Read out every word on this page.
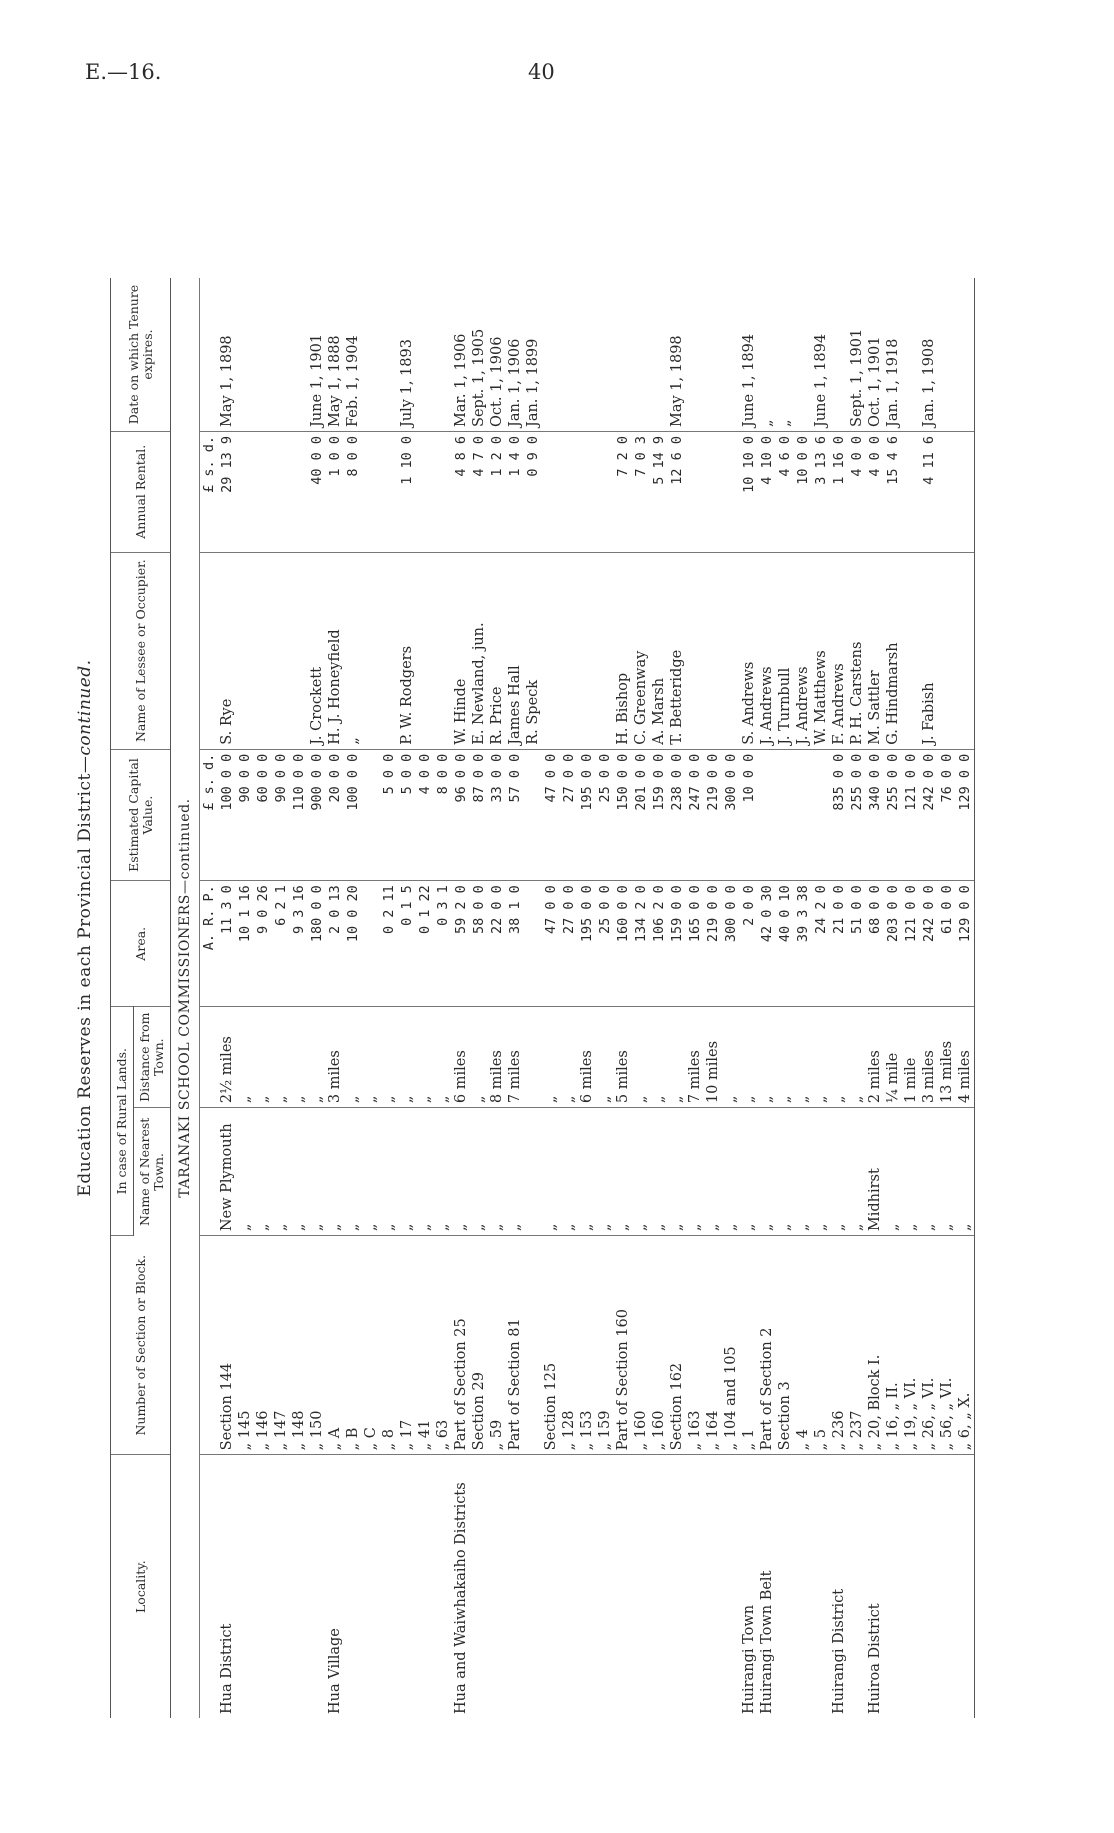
E.—16.	40
Education Reserves in each Provincial District—continued.
Locality.	Number of Section or Block.	In case of Rural Lands.		Area.	Estimated Capital Value.	Name of Lessee or Occupier.	Annual Rental.	Date on which Tenure expires.
		Name of Nearest Town.	Distance from Town.					
TARANAKI SCHOOL COMMISSIONERS—continued.								
				A. R. P.	£ s. d.		£ s. d.	
Hua District	Section 144	New Plymouth	2½ miles	11 3 0	100 0 0	S. Rye	29 13 9	May 1, 1898
	„ 145	„	„	10 1 16	90 0 0			
	„ 146	„	„	9 0 26	60 0 0			
	„ 147	„	„	6 2 1	90 0 0			
	„ 148	„	„	9 3 16	110 0 0			
	„ 150	„	„	180 0 0	900 0 0	J. Crockett	40 0 0	June 1, 1901
Hua Village	„ A	„	3 miles	2 0 13	20 0 0	H. J. Honeyfield	1 0 0	May 1, 1888
	„ B	„	„	10 0 20	100 0 0	„	8 0 0	Feb. 1, 1904
	„ C	„	„					
	„ 8	„	„	0 2 11	5 0 0			
	„ 17	„	„	0 1 5	5 0 0	P. W. Rodgers	1 10 0	July 1, 1893
	„ 41	„	„	0 1 22	4 0 0			
	„ 63	„	„	0 3 1	8 0 0			
Hua and Waiwhakaiho Districts	Part of Section 25	„	6 miles	59 2 0	96 0 0	W. Hinde	4 8 6	Mar. 1, 1906
	Section 29	„	„	58 0 0	87 0 0	E. Newland, jun.	4 7 0	Sept. 1, 1905
	„ 59	„	8 miles	22 0 0	33 0 0	R. Price	1 2 0	Oct. 1, 1906
	Part of Section 81	„	7 miles	38 1 0	57 0 0	James Hall	1 4 0	Jan. 1, 1906
						R. Speck	0 9 0	Jan. 1, 1899
	Section 125	„	„	47 0 0	47 0 0			
	„ 128	„	„	27 0 0	27 0 0			
	„ 153	„	6 miles	195 0 0	195 0 0			
	„ 159	„	„	25 0 0	25 0 0			
	Part of Section 160	„	5 miles	160 0 0	150 0 0	H. Bishop	7 2 0	
	„ 160	„	„	134 2 0	201 0 0	C. Greenway	7 0 3	
	„ 160	„	„	106 2 0	159 0 0	A. Marsh	5 14 9	
	Section 162	„	„	159 0 0	238 0 0	T. Betteridge	12 6 0	May 1, 1898
	„ 163	„	7 miles	165 0 0	247 0 0			
	„ 164	„	10 miles	219 0 0	219 0 0			
	„ 104 and 105	„	„	300 0 0	300 0 0			
Huirangi Town	„ 1	„	„	2 0 0	10 0 0	S. Andrews	10 10 0	June 1, 1894
Huirangi Town Belt	Part of Section 2	„	„	42 0 30		J. Andrews	4 10 0	„
	Section 3	„	„	40 0 10		J. Turnbull	4 6 0	„
	„ 4	„	„	39 3 38		J. Andrews	10 0 0	
	„ 5	„	„	24 2 0		W. Matthews	3 13 6	June 1, 1894
Huirangi District	„ 236	„	„	21 0 0	835 0 0	F. Andrews	1 16 0	
	„ 237	„	„	51 0 0	255 0 0	P. H. Carstens	4 0 0	Sept. 1, 1901
Huiroa District	„ 20, Block I.	Midhirst	2 miles	68 0 0	340 0 0	M. Sattler	4 0 0	Oct. 1, 1901
	„ 16, „ II.	„	¼ mile	203 0 0	255 0 0	G. Hindmarsh	15 4 6	Jan. 1, 1918
	„ 19, „ VI.	„	1 mile	121 0 0	121 0 0			
	„ 26, „ VI.	„	3 miles	242 0 0	242 0 0	J. Fabish	4 11 6	Jan. 1, 1908
	„ 56, „ VI.	„	13 miles	61 0 0	76 0 0			
	„ 6, „ X.	„	4 miles	129 0 0	129 0 0			
